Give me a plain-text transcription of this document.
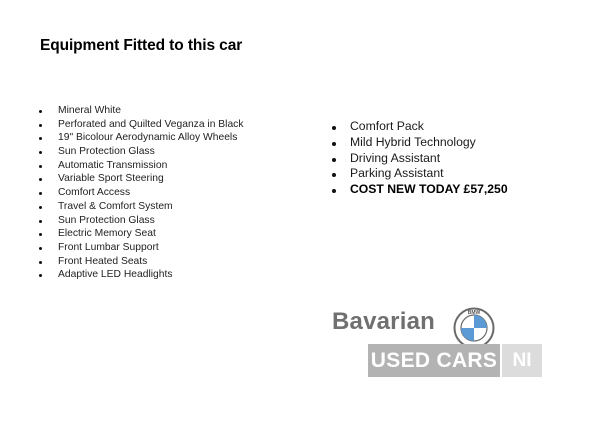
Equipment Fitted to this car
Mineral White
Perforated and Quilted Veganza in Black
19" Bicolour Aerodynamic Alloy Wheels
Sun Protection Glass
Automatic Transmission
Variable Sport Steering
Comfort Access
Travel & Comfort System
Sun Protection Glass
Electric Memory Seat
Front Lumbar Support
Front Heated Seats
Adaptive LED Headlights
Comfort Pack
Mild Hybrid Technology
Driving Assistant
Parking Assistant
COST NEW TODAY £57,250
Bavarian	BMW
USED CARS NI
